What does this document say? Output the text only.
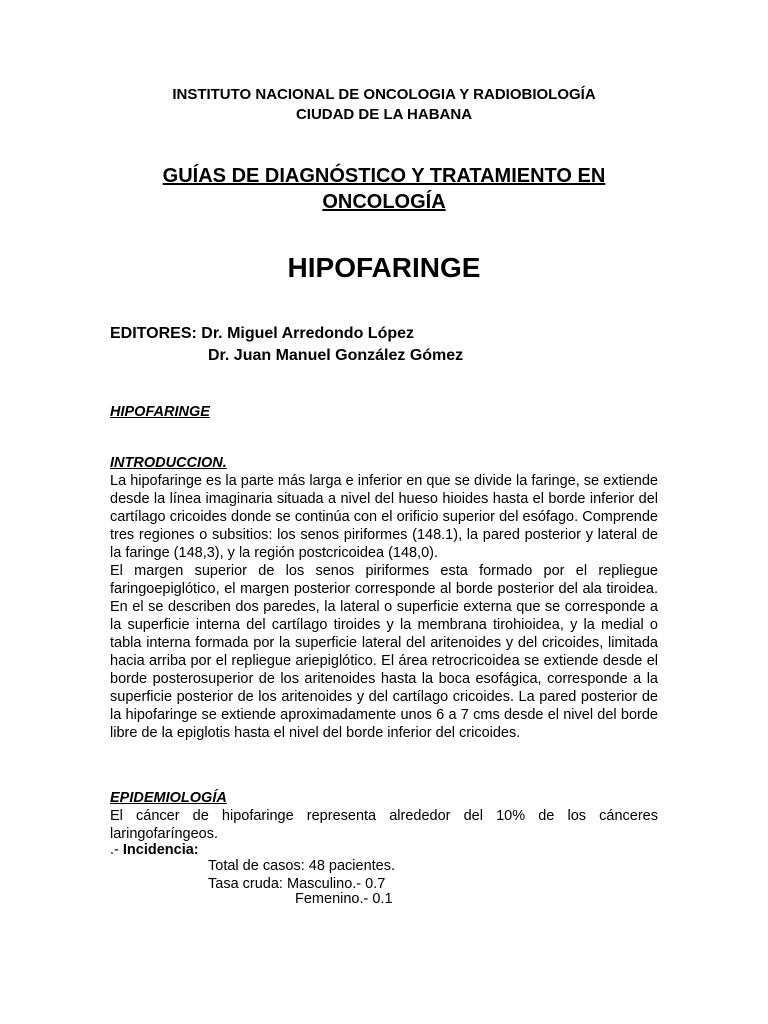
INSTITUTO NACIONAL DE ONCOLOGIA Y RADIOBIOLOGÍA
CIUDAD DE LA HABANA
GUÍAS DE DIAGNÓSTICO Y TRATAMIENTO EN
ONCOLOGÍA
HIPOFARINGE
EDITORES: Dr. Miguel Arredondo López
Dr. Juan Manuel González Gómez
HIPOFARINGE
INTRODUCCION.

La hipofaringe es la parte más larga e inferior en que se divide la faringe, se extiende desde la línea imaginaria situada a nivel del hueso hioides hasta el borde inferior del cartílago cricoides donde se continúa con el orificio superior del esófago. Comprende tres regiones o subsitios: los senos piriformes (148.1), la pared posterior y lateral de la faringe (148,3), y la región postcricoidea (148,0).

El margen superior de los senos piriformes esta formado por el repliegue faringoepiglótico, el margen posterior corresponde al borde posterior del ala tiroidea. En el se describen dos paredes, la lateral o superficie externa que se corresponde a la superficie interna del cartílago tiroides y la membrana tirohioidea, y la medial o tabla interna formada por la superficie lateral del aritenoides y del cricoides, limitada hacia arriba por el repliegue ariepiglótico. El área retrocricoidea se extiende desde el borde posterosuperior de los aritenoides hasta la boca esofágica, corresponde a la superficie posterior de los aritenoides y del cartílago cricoides. La pared posterior de la hipofaringe se extiende aproximadamente unos 6 a 7 cms desde el nivel del borde libre de la epiglotis hasta el nivel del borde inferior del cricoides.

EPIDEMIOLOGÍA

El cáncer de hipofaringe representa alrededor del 10% de los cánceres laringofaríngeos.

.- Incidencia:
Total de casos: 48 pacientes.
Tasa cruda: Masculino.- 0.7
Femenino.- 0.1
